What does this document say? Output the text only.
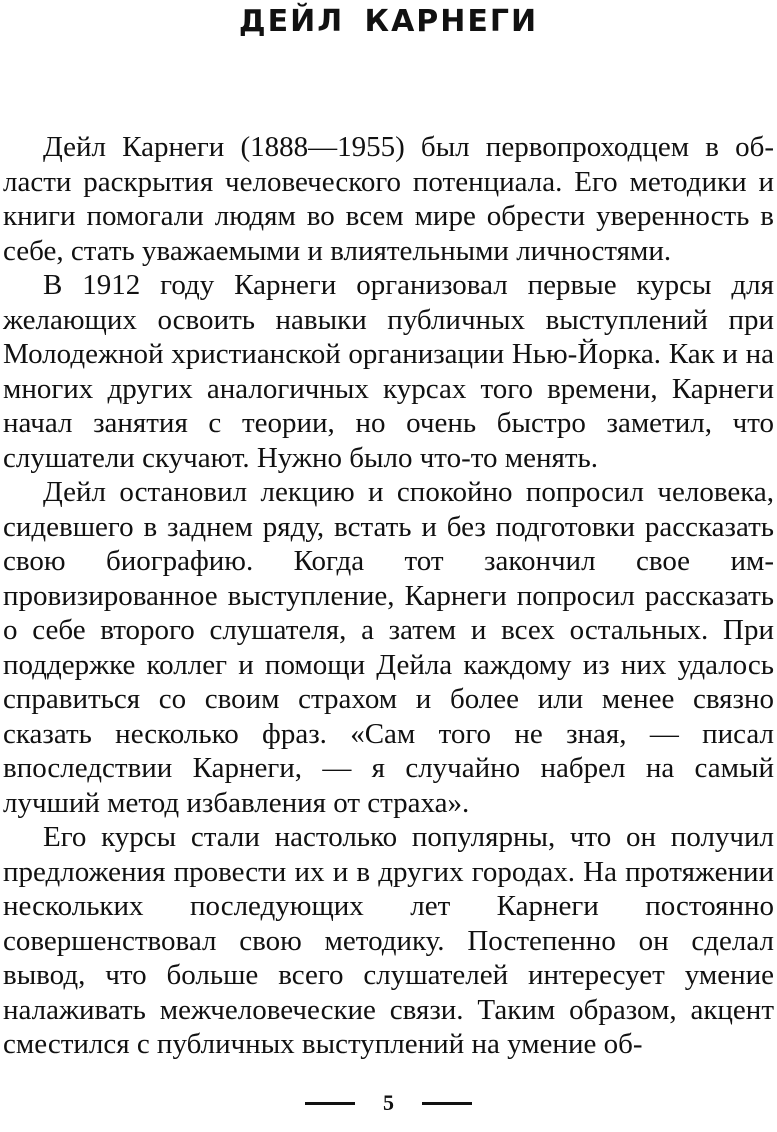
ДЕЙЛ КАРНЕГИ

Дейл Карнеги (1888—1955) был первопроходцем в области раскрытия человеческого потенциала. Его методики и книги помогали людям во всем мире обрести уверенность в себе, стать уважаемыми и влиятельными личностями.

В 1912 году Карнеги организовал первые курсы для желающих освоить навыки публичных выступлений при Молодежной христианской организации Нью-Йорка. Как и на многих других аналогичных курсах того времени, Карнеги начал занятия с теории, но очень быстро заметил, что слушатели скучают. Нужно было что-то менять.

Дейл остановил лекцию и спокойно попросил человека, сидевшего в заднем ряду, встать и без подготовки рассказать свою биографию. Когда тот закончил свое импровизированное выступление, Карнеги попросил рассказать о себе второго слушателя, а затем и всех остальных. При поддержке коллег и помощи Дейла каждому из них удалось справиться со своим страхом и более или менее связно сказать несколько фраз. «Сам того не зная, — писал впоследствии Карнеги, — я случайно набрел на самый лучший метод избавления от страха».

Его курсы стали настолько популярны, что он получил предложения провести их и в других городах. На протяжении нескольких последующих лет Карнеги постоянно совершенствовал свою методику. Постепенно он сделал вывод, что больше всего слушателей интересует умение налаживать межчеловеческие связи. Таким образом, акцент сместился с публичных выступлений на умение об-

5
